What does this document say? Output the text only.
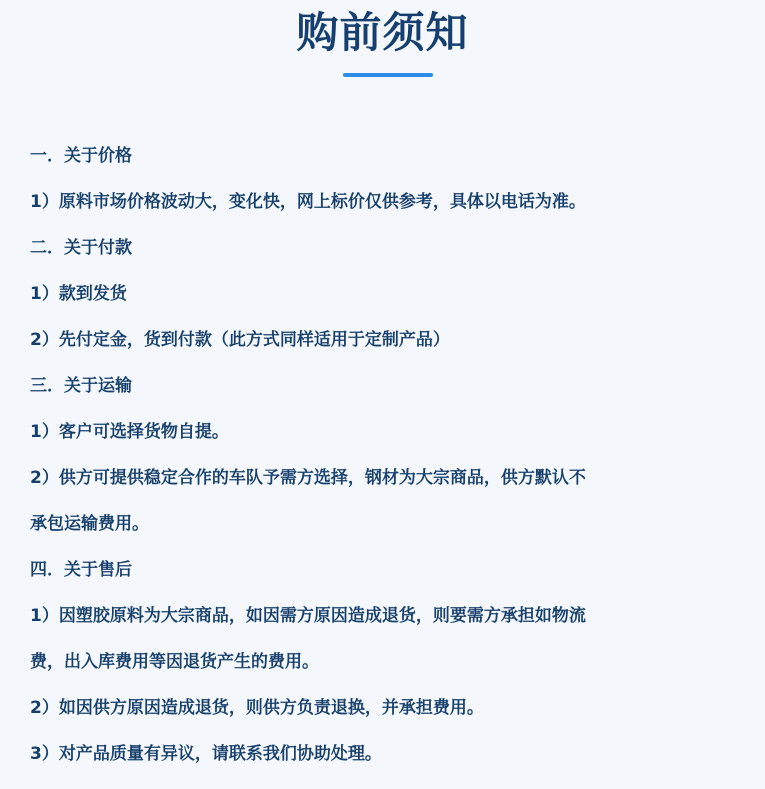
购前须知
一．关于价格
1）原料市场价格波动大，变化快，网上标价仅供参考，具体以电话为准。
二．关于付款
1）款到发货
2）先付定金，货到付款（此方式同样适用于定制产品）
三．关于运输
1）客户可选择货物自提。
2）供方可提供稳定合作的车队予需方选择，钢材为大宗商品，供方默认不
承包运输费用。
四．关于售后
1）因塑胶原料为大宗商品，如因需方原因造成退货，则要需方承担如物流
费，出入库费用等因退货产生的费用。
2）如因供方原因造成退货，则供方负责退换，并承担费用。
3）对产品质量有异议，请联系我们协助处理。
